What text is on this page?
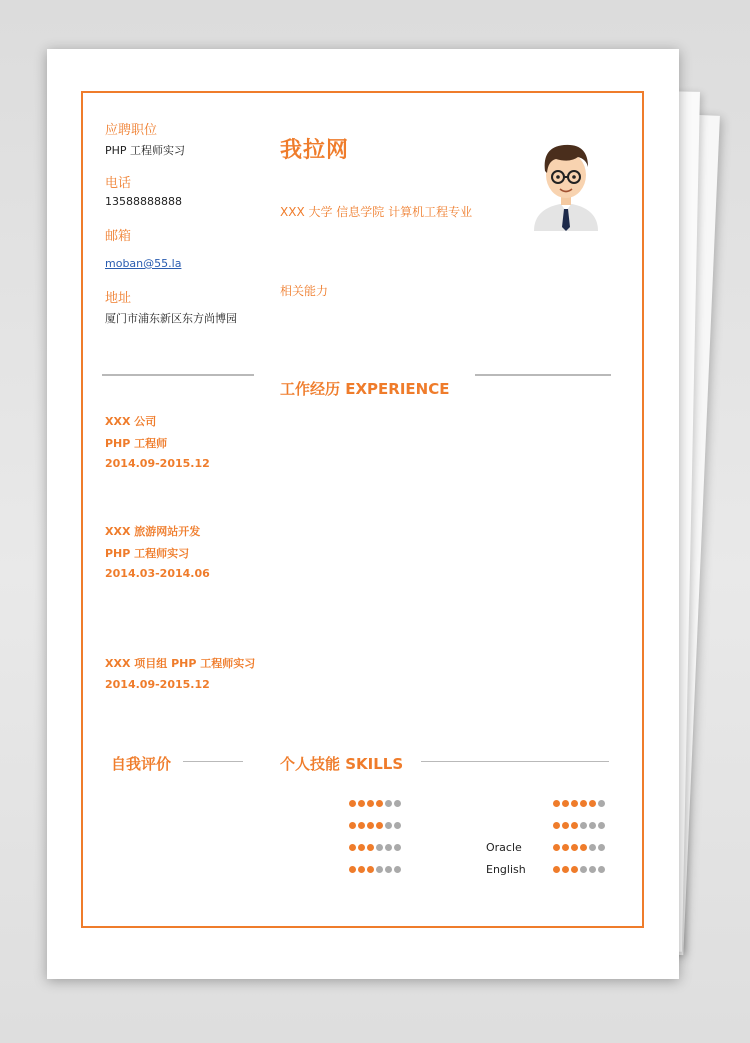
应聘职位
PHP 工程师实习
电话
13588888888
邮箱
moban@55.la
地址
厦门市浦东新区东方尚博园
我拉网
XXX 大学 信息学院 计算机工程专业
相关能力
工作经历 EXPERIENCE
XXX 公司
PHP 工程师
2014.09-2015.12
XXX 旅游网站开发
PHP 工程师实习
2014.03-2014.06
XXX 项目组 PHP 工程师实习
2014.09-2015.12
自我评价	个人技能 SKILLS
Oracle
English
